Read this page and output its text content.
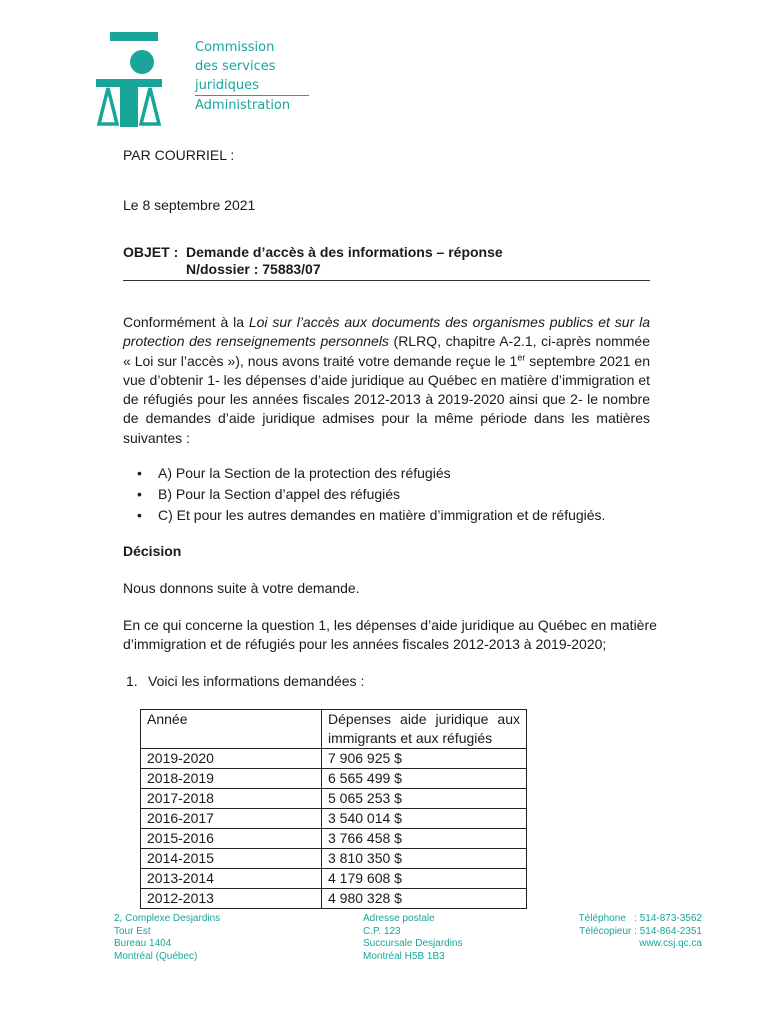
Commission
des services
juridiques
Administration
PAR COURRIEL :
Le 8 septembre 2021
OBJET : Demande d’accès à des informations – réponse
N/dossier : 75883/07
Conformément à la Loi sur l’accès aux documents des organismes publics et sur la protection des renseignements personnels (RLRQ, chapitre A-2.1, ci-après nommée « Loi sur l’accès »), nous avons traité votre demande reçue le 1er septembre 2021 en vue d’obtenir 1- les dépenses d’aide juridique au Québec en matière d’immigration et de réfugiés pour les années fiscales 2012-2013 à 2019-2020 ainsi que 2- le nombre de demandes d’aide juridique admises pour la même période dans les matières suivantes :
• A) Pour la Section de la protection des réfugiés
• B) Pour la Section d’appel des réfugiés
• C) Et pour les autres demandes en matière d’immigration et de réfugiés.
Décision
Nous donnons suite à votre demande.
En ce qui concerne la question 1, les dépenses d’aide juridique au Québec en matière d’immigration et de réfugiés pour les années fiscales 2012-2013 à 2019-2020;
1. Voici les informations demandées :
Année	Dépenses aide juridique aux immigrants et aux réfugiés
2019-2020	7 906 925 $
2018-2019	6 565 499 $
2017-2018	5 065 253 $
2016-2017	3 540 014 $
2015-2016	3 766 458 $
2014-2015	3 810 350 $
2013-2014	4 179 608 $
2012-2013	4 980 328 $
2, Complexe Desjardins
Tour Est
Bureau 1404
Montréal (Québec)
Adresse postale
C.P. 123
Succursale Desjardins
Montréal H5B 1B3
Téléphone   : 514-873-3562
Télécopieur : 514-864-2351
www.csj.qc.ca
